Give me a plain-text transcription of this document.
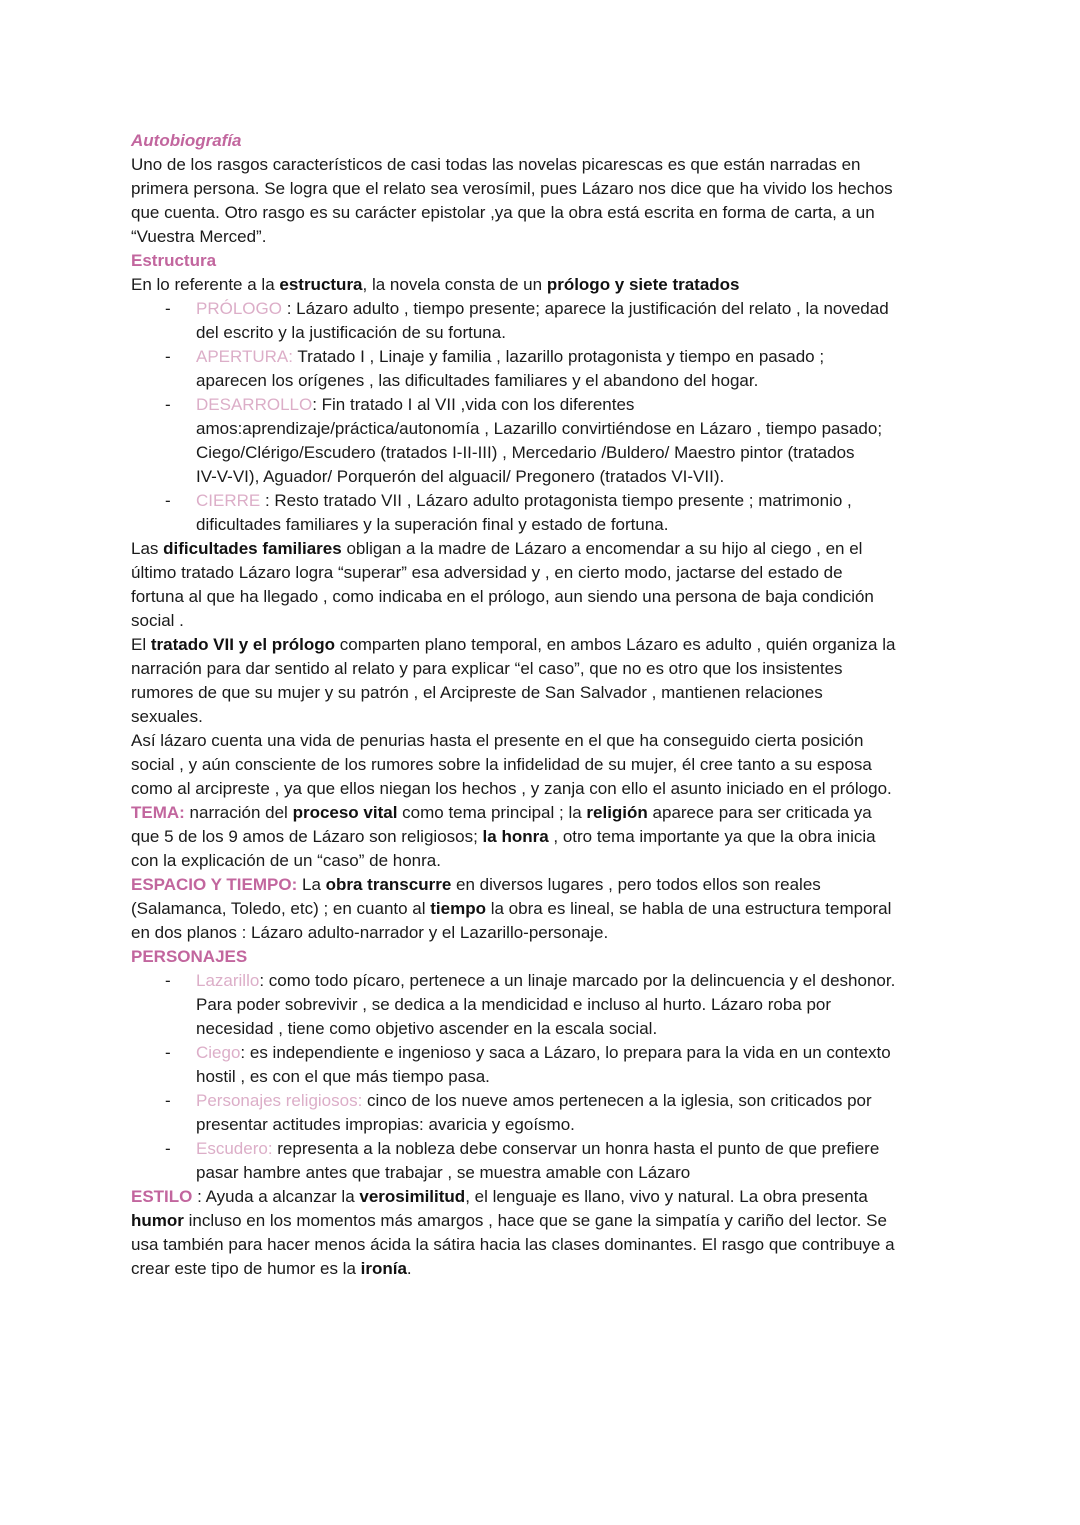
Autobiografía
Uno de los rasgos característicos de casi todas las novelas picarescas es que están narradas en
primera persona. Se logra que el relato sea verosímil, pues Lázaro nos dice que ha vivido los hechos
que cuenta. Otro rasgo es su carácter epistolar ,ya que la obra está escrita en forma de carta, a un
“Vuestra Merced”.
Estructura
En lo referente a la estructura, la novela consta de un prólogo y siete tratados
- PRÓLOGO : Lázaro adulto , tiempo presente; aparece la justificación del relato , la novedad
del escrito y la justificación de su fortuna.
- APERTURA: Tratado I , Linaje y familia , lazarillo protagonista y tiempo en pasado ;
aparecen los orígenes , las dificultades familiares y el abandono del hogar.
- DESARROLLO: Fin tratado I al VII ,vida con los diferentes
amos:aprendizaje/práctica/autonomía , Lazarillo convirtiéndose en Lázaro , tiempo pasado;
Ciego/Clérigo/Escudero (tratados I-II-III) , Mercedario /Buldero/ Maestro pintor (tratados
IV-V-VI), Aguador/ Porquerón del alguacil/ Pregonero (tratados VI-VII).
- CIERRE : Resto tratado VII , Lázaro adulto protagonista tiempo presente ; matrimonio ,
dificultades familiares y la superación final y estado de fortuna.
Las dificultades familiares obligan a la madre de Lázaro a encomendar a su hijo al ciego , en el
último tratado Lázaro logra “superar” esa adversidad y , en cierto modo, jactarse del estado de
fortuna al que ha llegado , como indicaba en el prólogo, aun siendo una persona de baja condición
social .
El tratado VII y el prólogo comparten plano temporal, en ambos Lázaro es adulto , quién organiza la
narración para dar sentido al relato y para explicar “el caso”, que no es otro que los insistentes
rumores de que su mujer y su patrón , el Arcipreste de San Salvador , mantienen relaciones
sexuales.
Así lázaro cuenta una vida de penurias hasta el presente en el que ha conseguido cierta posición
social , y aún consciente de los rumores sobre la infidelidad de su mujer, él cree tanto a su esposa
como al arcipreste , ya que ellos niegan los hechos , y zanja con ello el asunto iniciado en el prólogo.
TEMA: narración del proceso vital como tema principal ; la religión aparece para ser criticada ya
que 5 de los 9 amos de Lázaro son religiosos; la honra , otro tema importante ya que la obra inicia
con la explicación de un “caso” de honra.
ESPACIO Y TIEMPO: La obra transcurre en diversos lugares , pero todos ellos son reales
(Salamanca, Toledo, etc) ; en cuanto al tiempo la obra es lineal, se habla de una estructura temporal
en dos planos : Lázaro adulto-narrador y el Lazarillo-personaje.
PERSONAJES
- Lazarillo: como todo pícaro, pertenece a un linaje marcado por la delincuencia y el deshonor.
Para poder sobrevivir , se dedica a la mendicidad e incluso al hurto. Lázaro roba por
necesidad , tiene como objetivo ascender en la escala social.
- Ciego: es independiente e ingenioso y saca a Lázaro, lo prepara para la vida en un contexto
hostil , es con el que más tiempo pasa.
- Personajes religiosos: cinco de los nueve amos pertenecen a la iglesia, son criticados por
presentar actitudes impropias: avaricia y egoísmo.
- Escudero: representa a la nobleza debe conservar un honra hasta el punto de que prefiere
pasar hambre antes que trabajar , se muestra amable con Lázaro
ESTILO : Ayuda a alcanzar la verosimilitud, el lenguaje es llano, vivo y natural. La obra presenta
humor incluso en los momentos más amargos , hace que se gane la simpatía y cariño del lector. Se
usa también para hacer menos ácida la sátira hacia las clases dominantes. El rasgo que contribuye a
crear este tipo de humor es la ironía.
